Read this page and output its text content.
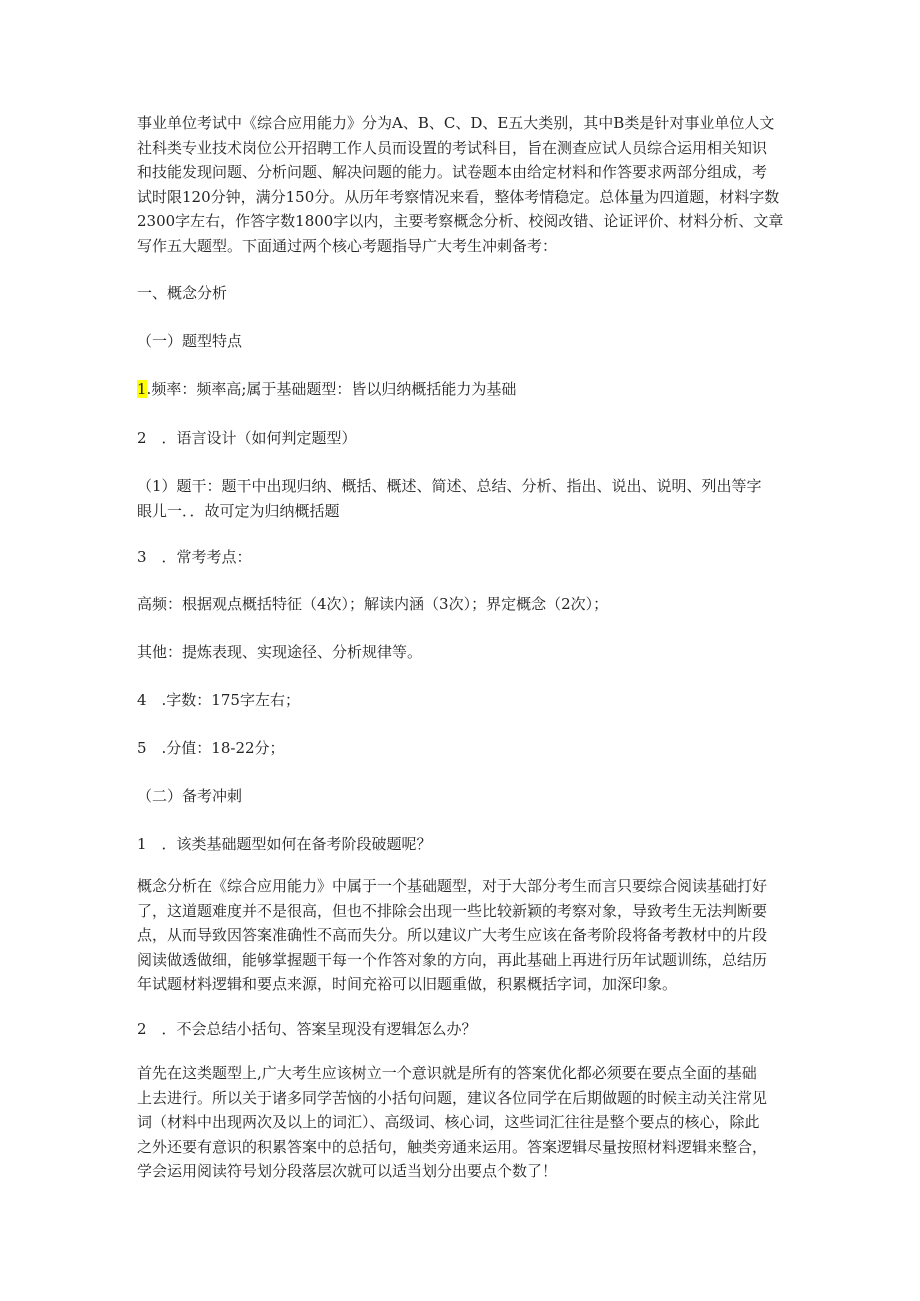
事业单位考试中《综合应用能力》分为A、B、C、D、E五大类别，其中B类是针对事业单位人文
社科类专业技术岗位公开招聘工作人员而设置的考试科目，旨在测查应试人员综合运用相关知识
和技能发现问题、分析问题、解决问题的能力。试卷题本由给定材料和作答要求两部分组成，考
试时限120分钟，满分150分。从历年考察情况来看，整体考情稳定。总体量为四道题，材料字数
2300字左右，作答字数1800字以内，主要考察概念分析、校阅改错、论证评价、材料分析、文章
写作五大题型。下面通过两个核心考题指导广大考生冲刺备考：

一、概念分析

（一）题型特点

1.频率：频率高;属于基础题型：皆以归纳概括能力为基础

2　．语言设计（如何判定题型）

（1）题干：题干中出现归纳、概括、概述、简述、总结、分析、指出、说出、说明、列出等字
眼儿一．．故可定为归纳概括题

3　．常考考点：

高频：根据观点概括特征（4次）；解读内涵（3次）；界定概念（2次）；

其他：提炼表现、实现途径、分析规律等。

4　.字数：175字左右；

5　.分值：18-22分；

（二）备考冲刺

1　．该类基础题型如何在备考阶段破题呢？

概念分析在《综合应用能力》中属于一个基础题型，对于大部分考生而言只要综合阅读基础打好
了，这道题难度并不是很高，但也不排除会出现一些比较新颖的考察对象，导致考生无法判断要
点，从而导致因答案准确性不高而失分。所以建议广大考生应该在备考阶段将备考教材中的片段
阅读做透做细，能够掌握题干每一个作答对象的方向，再此基础上再进行历年试题训练，总结历
年试题材料逻辑和要点来源，时间充裕可以旧题重做，积累概括字词，加深印象。

2　．不会总结小括句、答案呈现没有逻辑怎么办？

首先在这类题型上,广大考生应该树立一个意识就是所有的答案优化都必须要在要点全面的基础
上去进行。所以关于诸多同学苦恼的小括句问题，建议各位同学在后期做题的时候主动关注常见
词（材料中出现两次及以上的词汇）、高级词、核心词，这些词汇往往是整个要点的核心，除此
之外还要有意识的积累答案中的总括句，触类旁通来运用。答案逻辑尽量按照材料逻辑来整合，
学会运用阅读符号划分段落层次就可以适当划分出要点个数了！
